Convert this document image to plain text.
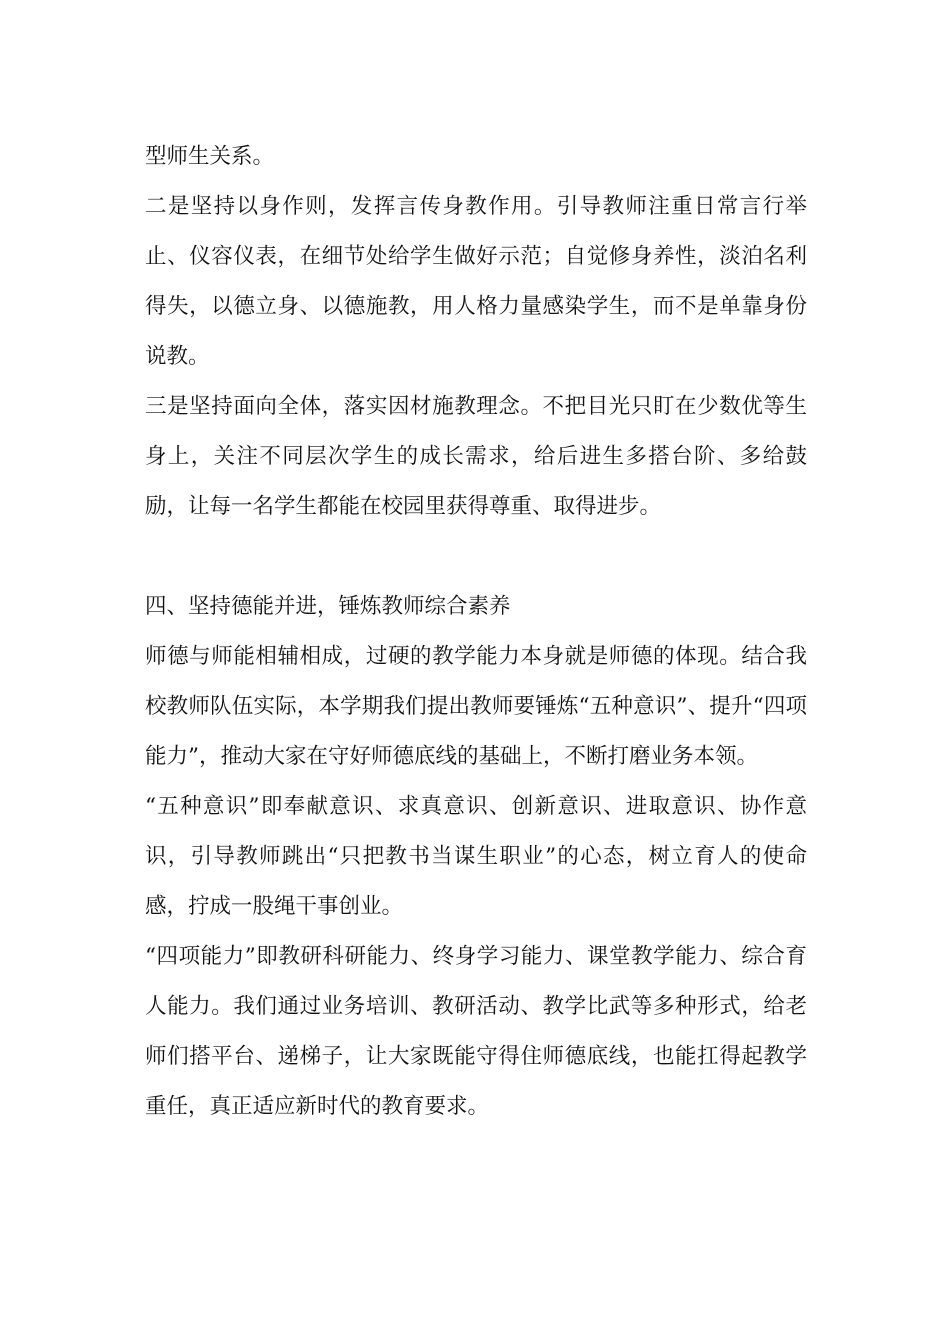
型师生关系。

二是坚持以身作则，发挥言传身教作用。引导教师注重日常言行举止、仪容仪表，在细节处给学生做好示范；自觉修身养性，淡泊名利得失，以德立身、以德施教，用人格力量感染学生，而不是单靠身份说教。

三是坚持面向全体，落实因材施教理念。不把目光只盯在少数优等生身上，关注不同层次学生的成长需求，给后进生多搭台阶、多给鼓励，让每一名学生都能在校园里获得尊重、取得进步。

四、坚持德能并进，锤炼教师综合素养

师德与师能相辅相成，过硬的教学能力本身就是师德的体现。结合我校教师队伍实际，本学期我们提出教师要锤炼“五种意识”、提升“四项能力”，推动大家在守好师德底线的基础上，不断打磨业务本领。

“五种意识”即奉献意识、求真意识、创新意识、进取意识、协作意识，引导教师跳出“只把教书当谋生职业”的心态，树立育人的使命感，拧成一股绳干事创业。

“四项能力”即教研科研能力、终身学习能力、课堂教学能力、综合育人能力。我们通过业务培训、教研活动、教学比武等多种形式，给老师们搭平台、递梯子，让大家既能守得住师德底线，也能扛得起教学重任，真正适应新时代的教育要求。
